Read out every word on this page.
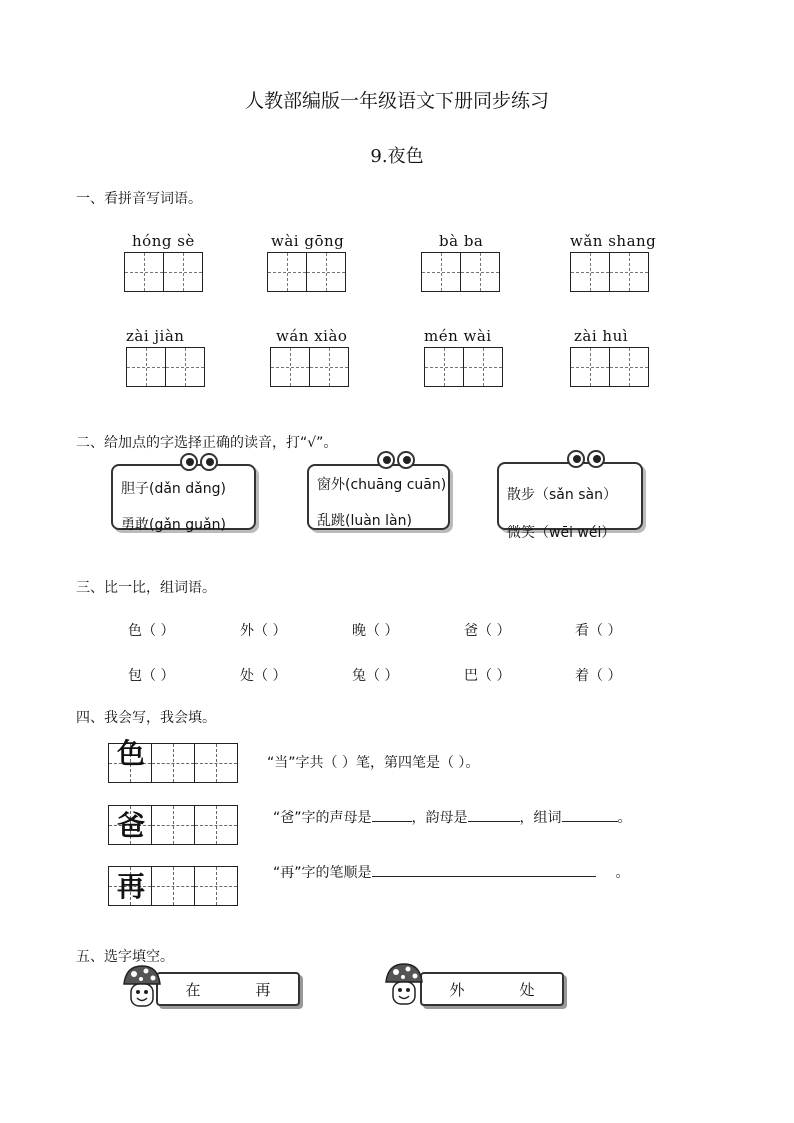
人教部编版一年级语文下册同步练习
9.夜色
一、看拼音写词语。
hóng sè	wài gōng	bà ba	wǎn shang
zài jiàn	wán xiào	mén wài	zài huì
二、给加点的字选择正确的读音，打“√”。
胆子(dǎn dǎng)
勇敢(gǎn guǎn)
窗外(chuāng cuān)
乱跳(luàn làn)
散步（sǎn sàn）
微笑（wēi wéi）
三、比一比，组词语。
色（ ）	外（ ）	晚（ ）	爸（ ）	看（ ）
包（ ）	处（ ）	兔（ ）	巴（ ）	着（ ）
四、我会写，我会填。
色	“当”字共（ ）笔，第四笔是（ ）。
爸	“爸”字的声母是	，韵母是	，组词	。
再	“再”字的笔顺是	。
五、选字填空。
在	再	外	处
